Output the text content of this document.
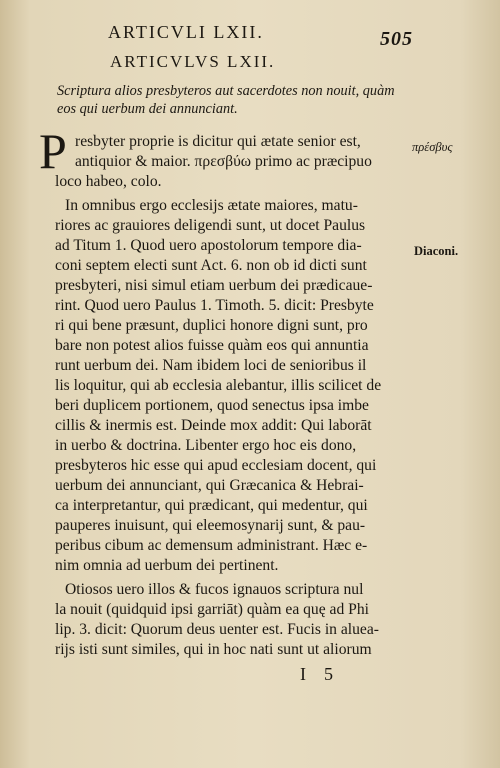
ARTICVLI LXII.	505
ARTICVLVS LXII.
Scriptura alios presbyteros aut sacerdotes non nouit, quàm
eos qui uerbum dei annunciant.
P resbyter proprie is dicitur qui ætate senior est,
antiquior & maior. πρεσβύω primo ac præcipuo
loco habeo, colo.
In omnibus ergo ecclesijs ætate maiores, matu-
riores ac grauiores deligendi sunt, ut docet Paulus
ad Titum 1. Quod uero apostolorum tempore dia-
coni septem electi sunt Act. 6. non ob id dicti sunt
presbyteri, nisi simul etiam uerbum dei prædicaue-
rint. Quod uero Paulus 1. Timoth. 5. dicit: Presbyte
ri qui bene præsunt, duplici honore digni sunt, pro
bare non potest alios fuisse quàm eos qui annuntia
runt uerbum dei. Nam ibidem loci de senioribus il
lis loquitur, qui ab ecclesia alebantur, illis scilicet de
beri duplicem portionem, quod senectus ipsa imbe
cillis & inermis est. Deinde mox addit: Qui laborāt
in uerbo & doctrina. Libenter ergo hoc eis dono,
presbyteros hic esse qui apud ecclesiam docent, qui
uerbum dei annunciant, qui Græcanica & Hebrai-
ca interpretantur, qui prædicant, qui medentur, qui
pauperes inuisunt, qui eleemosynarij sunt, & pau-
peribus cibum ac demensum administrant. Hæc e-
nim omnia ad uerbum dei pertinent.
Otiosos uero illos & fucos ignauos scriptura nul
la nouit (quidquid ipsi garriāt) quàm ea quę ad Phi
lip. 3. dicit: Quorum deus uenter est. Fucis in aluea-
rijs isti sunt similes, qui in hoc nati sunt ut aliorum
πρέσβυς
Diaconi.
I5
